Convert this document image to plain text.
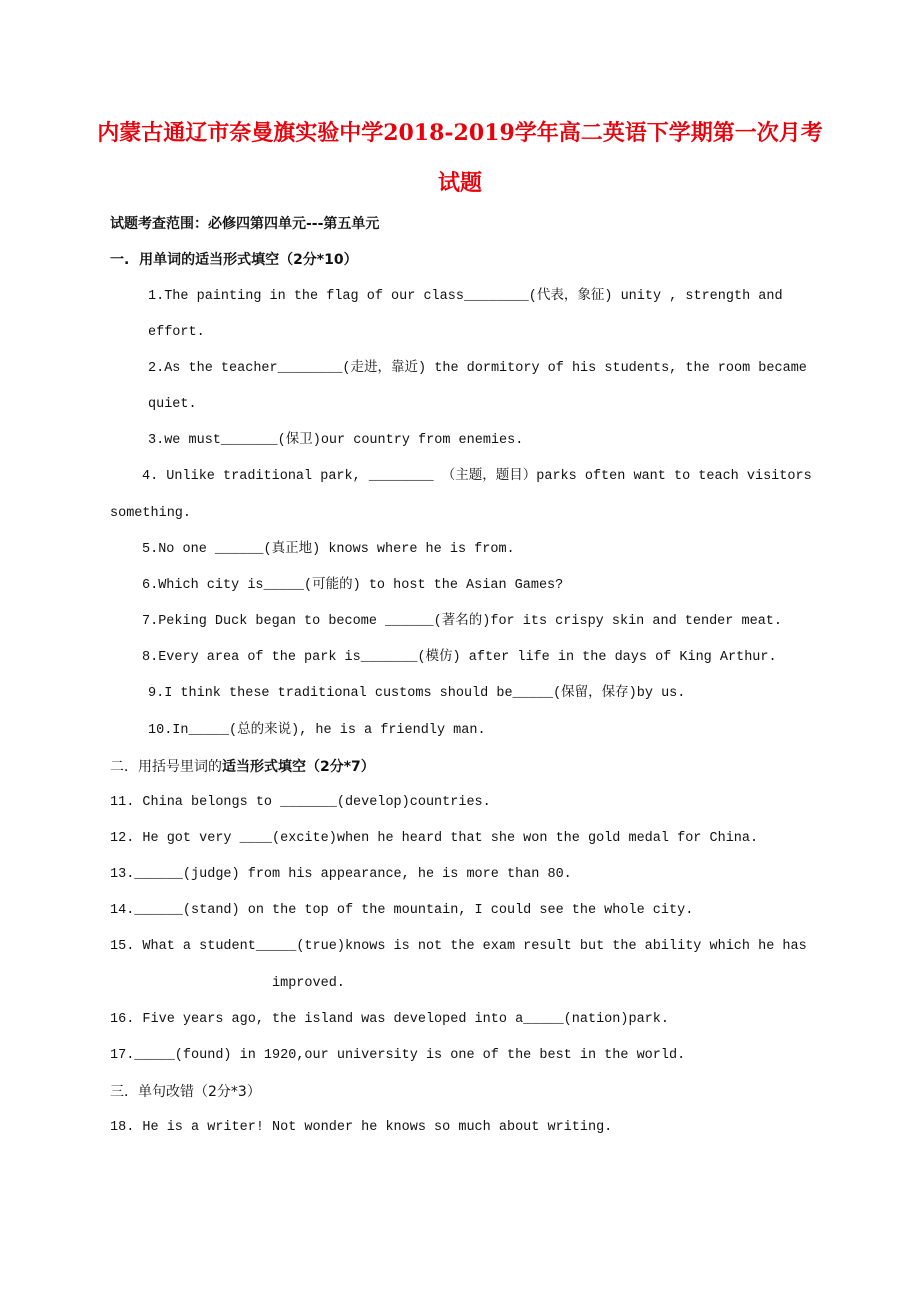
内蒙古通辽市奈曼旗实验中学2018-2019学年高二英语下学期第一次月考
试题
试题考查范围：必修四第四单元---第五单元
一.  用单词的适当形式填空（2分*10）
1.The painting in the flag of our class________(代表，象征) unity , strength and
effort.
2.As the teacher________(走进，靠近) the dormitory of his students, the room became
quiet.
3.we must_______(保卫)our country from enemies.
4. Unlike traditional park, ________ （主题，题目）parks often want to teach visitors
something.
5.No one ______(真正地) knows where he is from.
6.Which city is_____(可能的) to host the Asian Games?
7.Peking Duck began to become ______(著名的)for its crispy skin and tender meat.
8.Every area of the park is_______(模仿) after life in the days of King Arthur.
9.I think these traditional customs should be_____(保留，保存)by us.
10.In_____(总的来说), he is a friendly man.
二．用括号里词的适当形式填空（2分*7）
11. China belongs to _______(develop)countries.
12. He got very ____(excite)when he heard that she won the gold medal for China.
13.______(judge) from his appearance, he is more than 80.
14.______(stand) on the top of the mountain, I could see the whole city.
15. What a student_____(true)knows is not the exam result but the ability which he has
improved.
16. Five years ago, the island was developed into a_____(nation)park.
17._____(found) in 1920,our university is one of the best in the world.
三．单句改错（2分*3）
18. He is a writer! Not wonder he knows so much about writing.
